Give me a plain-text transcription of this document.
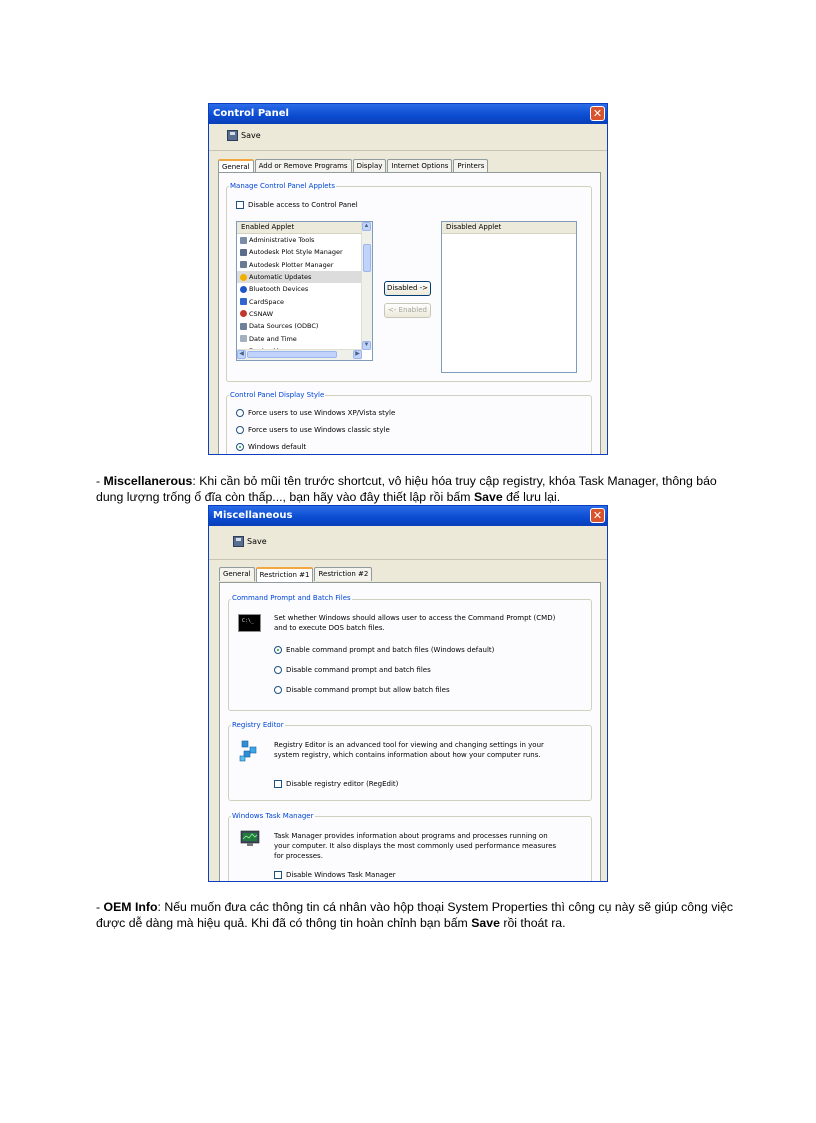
Control Panel	✕
Save
General	Add or Remove Programs	Display	Internet Options	Printers
Manage Control Panel Applets
Disable access to Control Panel
Enabled Applet
Administrative Tools
Autodesk Plot Style Manager
Autodesk Plotter Manager
Automatic Updates
Bluetooth Devices
CardSpace
CSNAW
Data Sources (ODBC)
Date and Time
▲
▼
◀	▶
Disabled ->
<- Enabled
Disabled Applet
Control Panel Display Style
Force users to use Windows XP/Vista style
Force users to use Windows classic style
Windows default
- Miscellanerous: Khi cần bỏ mũi tên trước shortcut, vô hiệu hóa truy cập registry, khóa Task Manager, thông báo dung lượng trống ổ đĩa còn thấp..., bạn hãy vào đây thiết lập rồi bấm Save để lưu lại.
Miscellaneous	✕
Save
General	Restriction #1	Restriction #2
Command Prompt and Batch Files
C:\_
Set whether Windows should allows user to access the Command Prompt (CMD)
and to execute DOS batch files.
Enable command prompt and batch files (Windows default)
Disable command prompt and batch files
Disable command prompt but allow batch files
Registry Editor
Registry Editor is an advanced tool for viewing and changing settings in your
system registry, which contains information about how your computer runs.
Disable registry editor (RegEdit)
Windows Task Manager
Task Manager provides information about programs and processes running on
your computer. It also displays the most commonly used performance measures
for processes.
Disable Windows Task Manager
- OEM Info: Nếu muốn đưa các thông tin cá nhân vào hộp thoại System Properties thì công cụ này sẽ giúp công việc được dễ dàng mà hiệu quả. Khi đã có thông tin hoàn chỉnh bạn bấm Save rồi thoát ra.
